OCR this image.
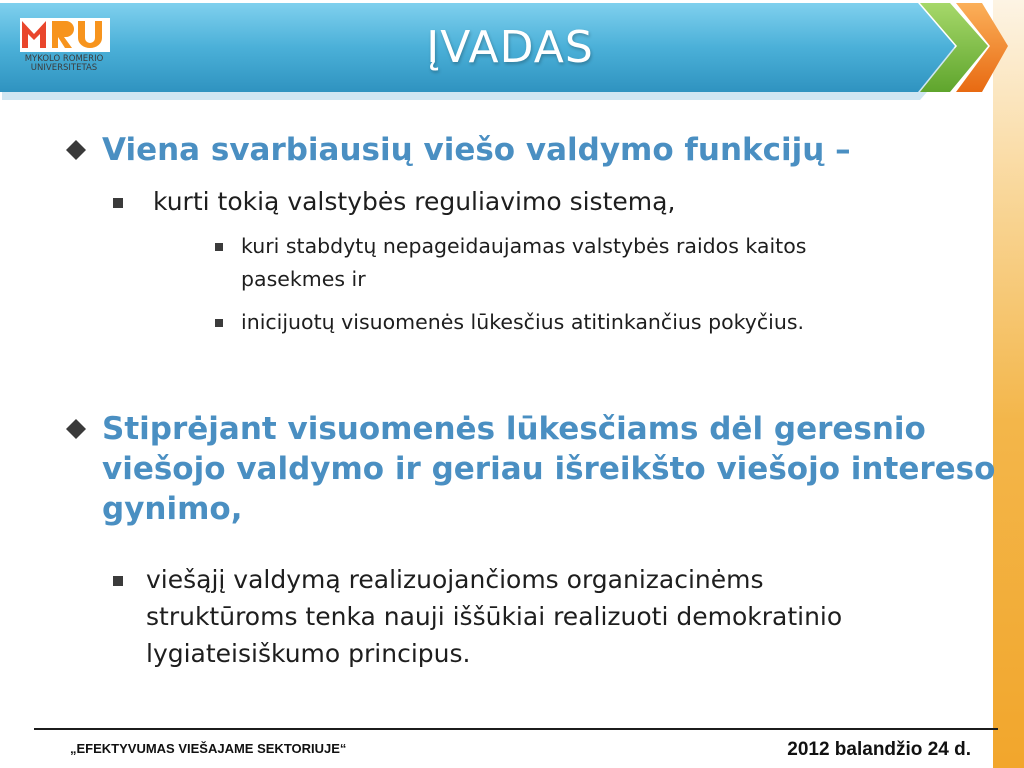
ĮVADAS
MYKOLO ROMERIO
UNIVERSITETAS
Viena svarbiausių viešo valdymo funkcijų –
kurti tokią valstybės reguliavimo sistemą,
kuri stabdytų nepageidaujamas valstybės raidos kaitos
pasekmes ir
inicijuotų visuomenės lūkesčius atitinkančius pokyčius.
Stiprėjant visuomenės lūkesčiams dėl geresnio
viešojo valdymo ir geriau išreikšto viešojo intereso
gynimo,
viešąjį valdymą realizuojančioms organizacinėms
struktūroms tenka nauji iššūkiai realizuoti demokratinio
lygiateisiškumo principus.
„EFEKTYVUMAS VIEŠAJAME SEKTORIUJE“	2012 balandžio 24 d.
